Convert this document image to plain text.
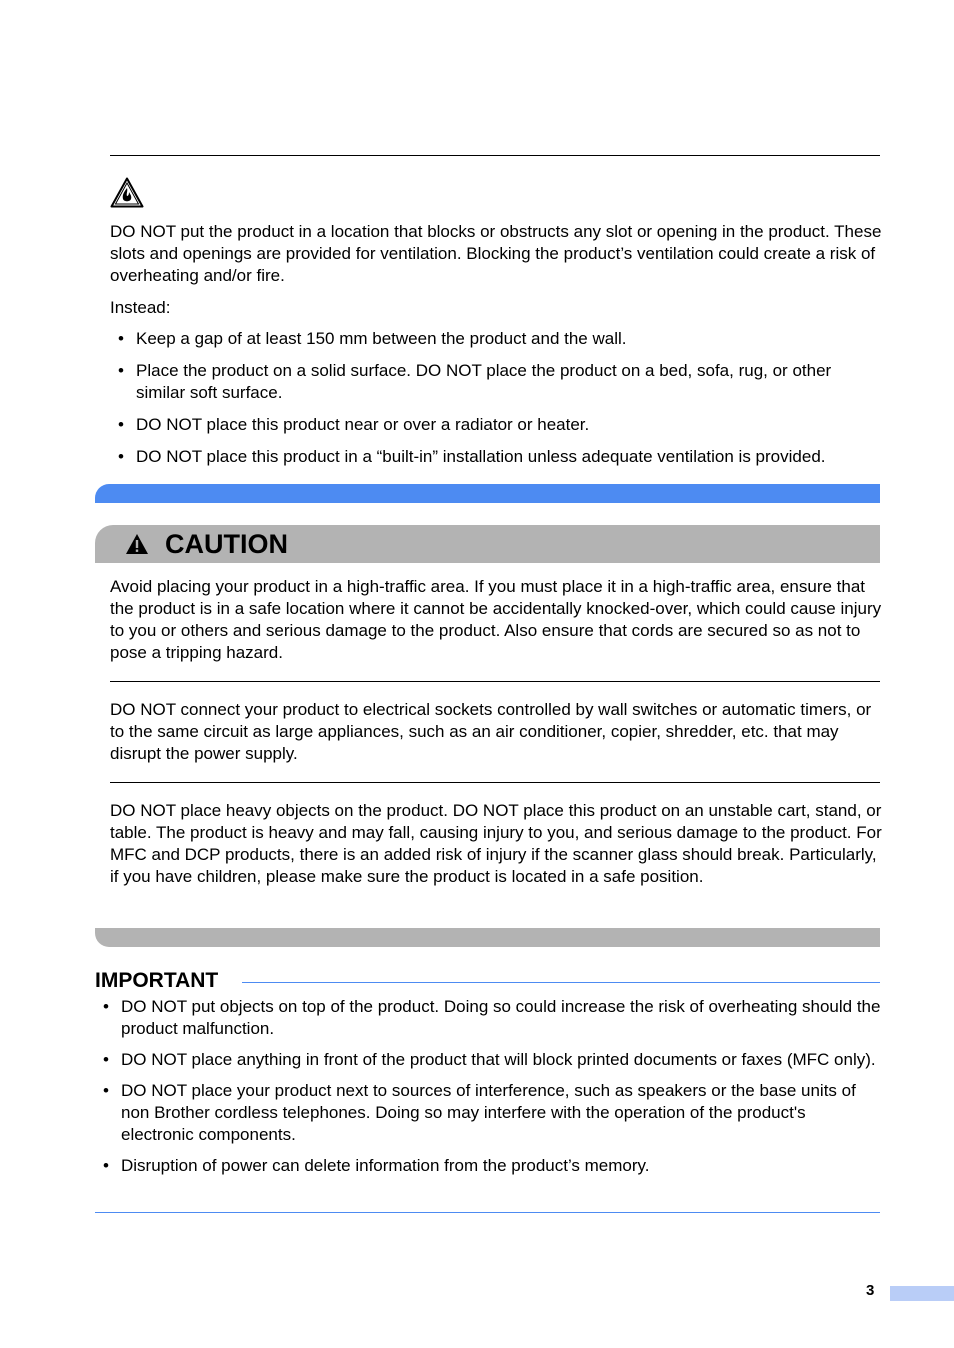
DO NOT put the product in a location that blocks or obstructs any slot or opening in the product. These slots and openings are provided for ventilation. Blocking the product’s ventilation could create a risk of overheating and/or fire.

Instead:

• Keep a gap of at least 150 mm between the product and the wall.
• Place the product on a solid surface. DO NOT place the product on a bed, sofa, rug, or other similar soft surface.
• DO NOT place this product near or over a radiator or heater.
• DO NOT place this product in a “built-in” installation unless adequate ventilation is provided.
CAUTION

Avoid placing your product in a high-traffic area. If you must place it in a high-traffic area, ensure that the product is in a safe location where it cannot be accidentally knocked-over, which could cause injury to you or others and serious damage to the product. Also ensure that cords are secured so as not to pose a tripping hazard.

DO NOT connect your product to electrical sockets controlled by wall switches or automatic timers, or to the same circuit as large appliances, such as an air conditioner, copier, shredder, etc. that may disrupt the power supply.

DO NOT place heavy objects on the product. DO NOT place this product on an unstable cart, stand, or table. The product is heavy and may fall, causing injury to you, and serious damage to the product. For MFC and DCP products, there is an added risk of injury if the scanner glass should break. Particularly, if you have children, please make sure the product is located in a safe position.

IMPORTANT
• DO NOT put objects on top of the product. Doing so could increase the risk of overheating should the product malfunction.
• DO NOT place anything in front of the product that will block printed documents or faxes (MFC only).
• DO NOT place your product next to sources of interference, such as speakers or the base units of non Brother cordless telephones. Doing so may interfere with the operation of the product's electronic components.
• Disruption of power can delete information from the product’s memory.
3
